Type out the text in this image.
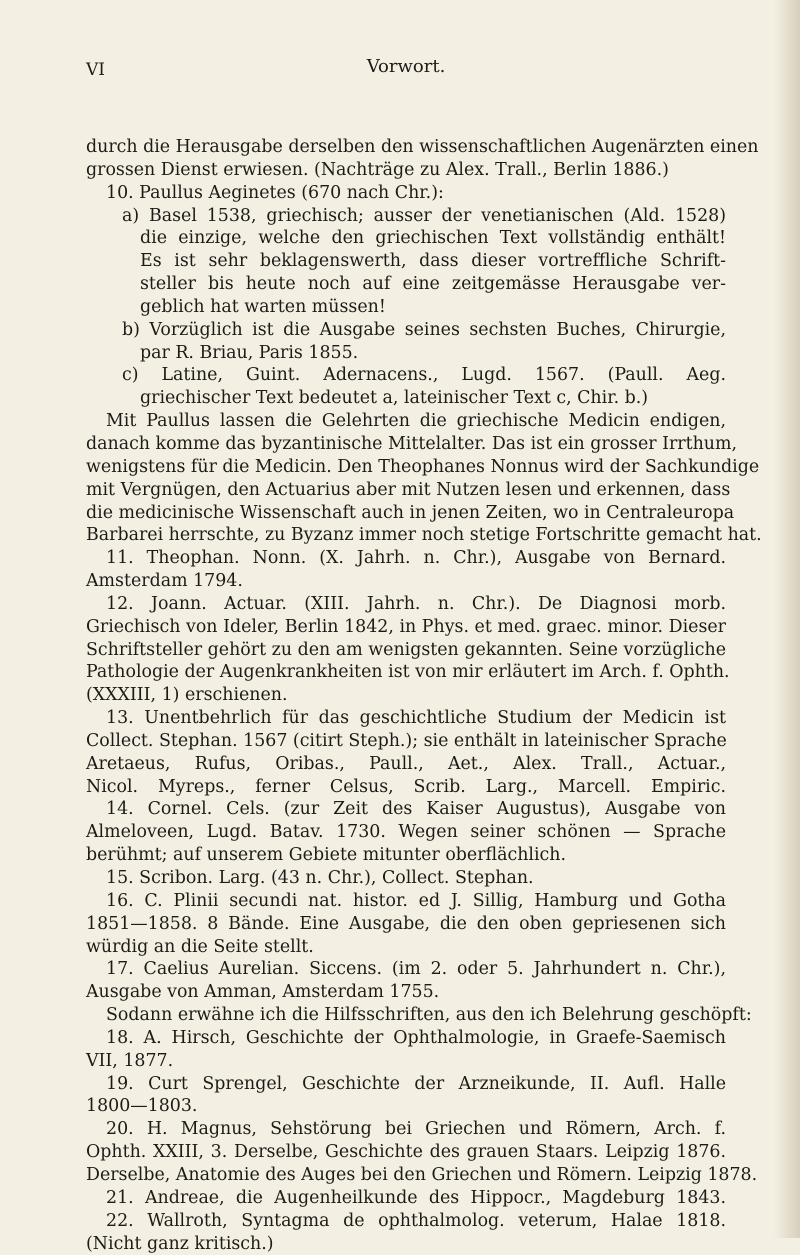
VI	Vorwort.
durch die Herausgabe derselben den wissenschaftlichen Augenärzten einen
grossen Dienst erwiesen. (Nachträge zu Alex. Trall., Berlin 1886.)
10. Paullus Aeginetes (670 nach Chr.):
a) Basel 1538, griechisch; ausser der venetianischen (Ald. 1528)
die einzige, welche den griechischen Text vollständig enthält!
Es ist sehr beklagenswerth, dass dieser vortreffliche Schrift-
steller bis heute noch auf eine zeitgemässe Herausgabe ver-
geblich hat warten müssen!
b) Vorzüglich ist die Ausgabe seines sechsten Buches, Chirurgie,
par R. Briau, Paris 1855.
c) Latine, Guint. Adernacens., Lugd. 1567. (Paull. Aeg.
griechischer Text bedeutet a, lateinischer Text c, Chir. b.)
Mit Paullus lassen die Gelehrten die griechische Medicin endigen,
danach komme das byzantinische Mittelalter. Das ist ein grosser Irrthum,
wenigstens für die Medicin. Den Theophanes Nonnus wird der Sachkundige
mit Vergnügen, den Actuarius aber mit Nutzen lesen und erkennen, dass
die medicinische Wissenschaft auch in jenen Zeiten, wo in Centraleuropa
Barbarei herrschte, zu Byzanz immer noch stetige Fortschritte gemacht hat.
11. Theophan. Nonn. (X. Jahrh. n. Chr.), Ausgabe von Bernard.
Amsterdam 1794.
12. Joann. Actuar. (XIII. Jahrh. n. Chr.). De Diagnosi morb.
Griechisch von Ideler, Berlin 1842, in Phys. et med. graec. minor. Dieser
Schriftsteller gehört zu den am wenigsten gekannten. Seine vorzügliche
Pathologie der Augenkrankheiten ist von mir erläutert im Arch. f. Ophth.
(XXXIII, 1) erschienen.
13. Unentbehrlich für das geschichtliche Studium der Medicin ist
Collect. Stephan. 1567 (citirt Steph.); sie enthält in lateinischer Sprache
Aretaeus, Rufus, Oribas., Paull., Aet., Alex. Trall., Actuar.,
Nicol. Myreps., ferner Celsus, Scrib. Larg., Marcell. Empiric.
14. Cornel. Cels. (zur Zeit des Kaiser Augustus), Ausgabe von
Almeloveen, Lugd. Batav. 1730. Wegen seiner schönen — Sprache
berühmt; auf unserem Gebiete mitunter oberflächlich.
15. Scribon. Larg. (43 n. Chr.), Collect. Stephan.
16. C. Plinii secundi nat. histor. ed J. Sillig, Hamburg und Gotha
1851—1858. 8 Bände. Eine Ausgabe, die den oben gepriesenen sich
würdig an die Seite stellt.
17. Caelius Aurelian. Siccens. (im 2. oder 5. Jahrhundert n. Chr.),
Ausgabe von Amman, Amsterdam 1755.
Sodann erwähne ich die Hilfsschriften, aus den ich Belehrung geschöpft:
18. A. Hirsch, Geschichte der Ophthalmologie, in Graefe-Saemisch
VII, 1877.
19. Curt Sprengel, Geschichte der Arzneikunde, II. Aufl. Halle
1800—1803.
20. H. Magnus, Sehstörung bei Griechen und Römern, Arch. f.
Ophth. XXIII, 3. Derselbe, Geschichte des grauen Staars. Leipzig 1876.
Derselbe, Anatomie des Auges bei den Griechen und Römern. Leipzig 1878.
21. Andreae, die Augenheilkunde des Hippocr., Magdeburg 1843.
22. Wallroth, Syntagma de ophthalmolog. veterum, Halae 1818.
(Nicht ganz kritisch.)
